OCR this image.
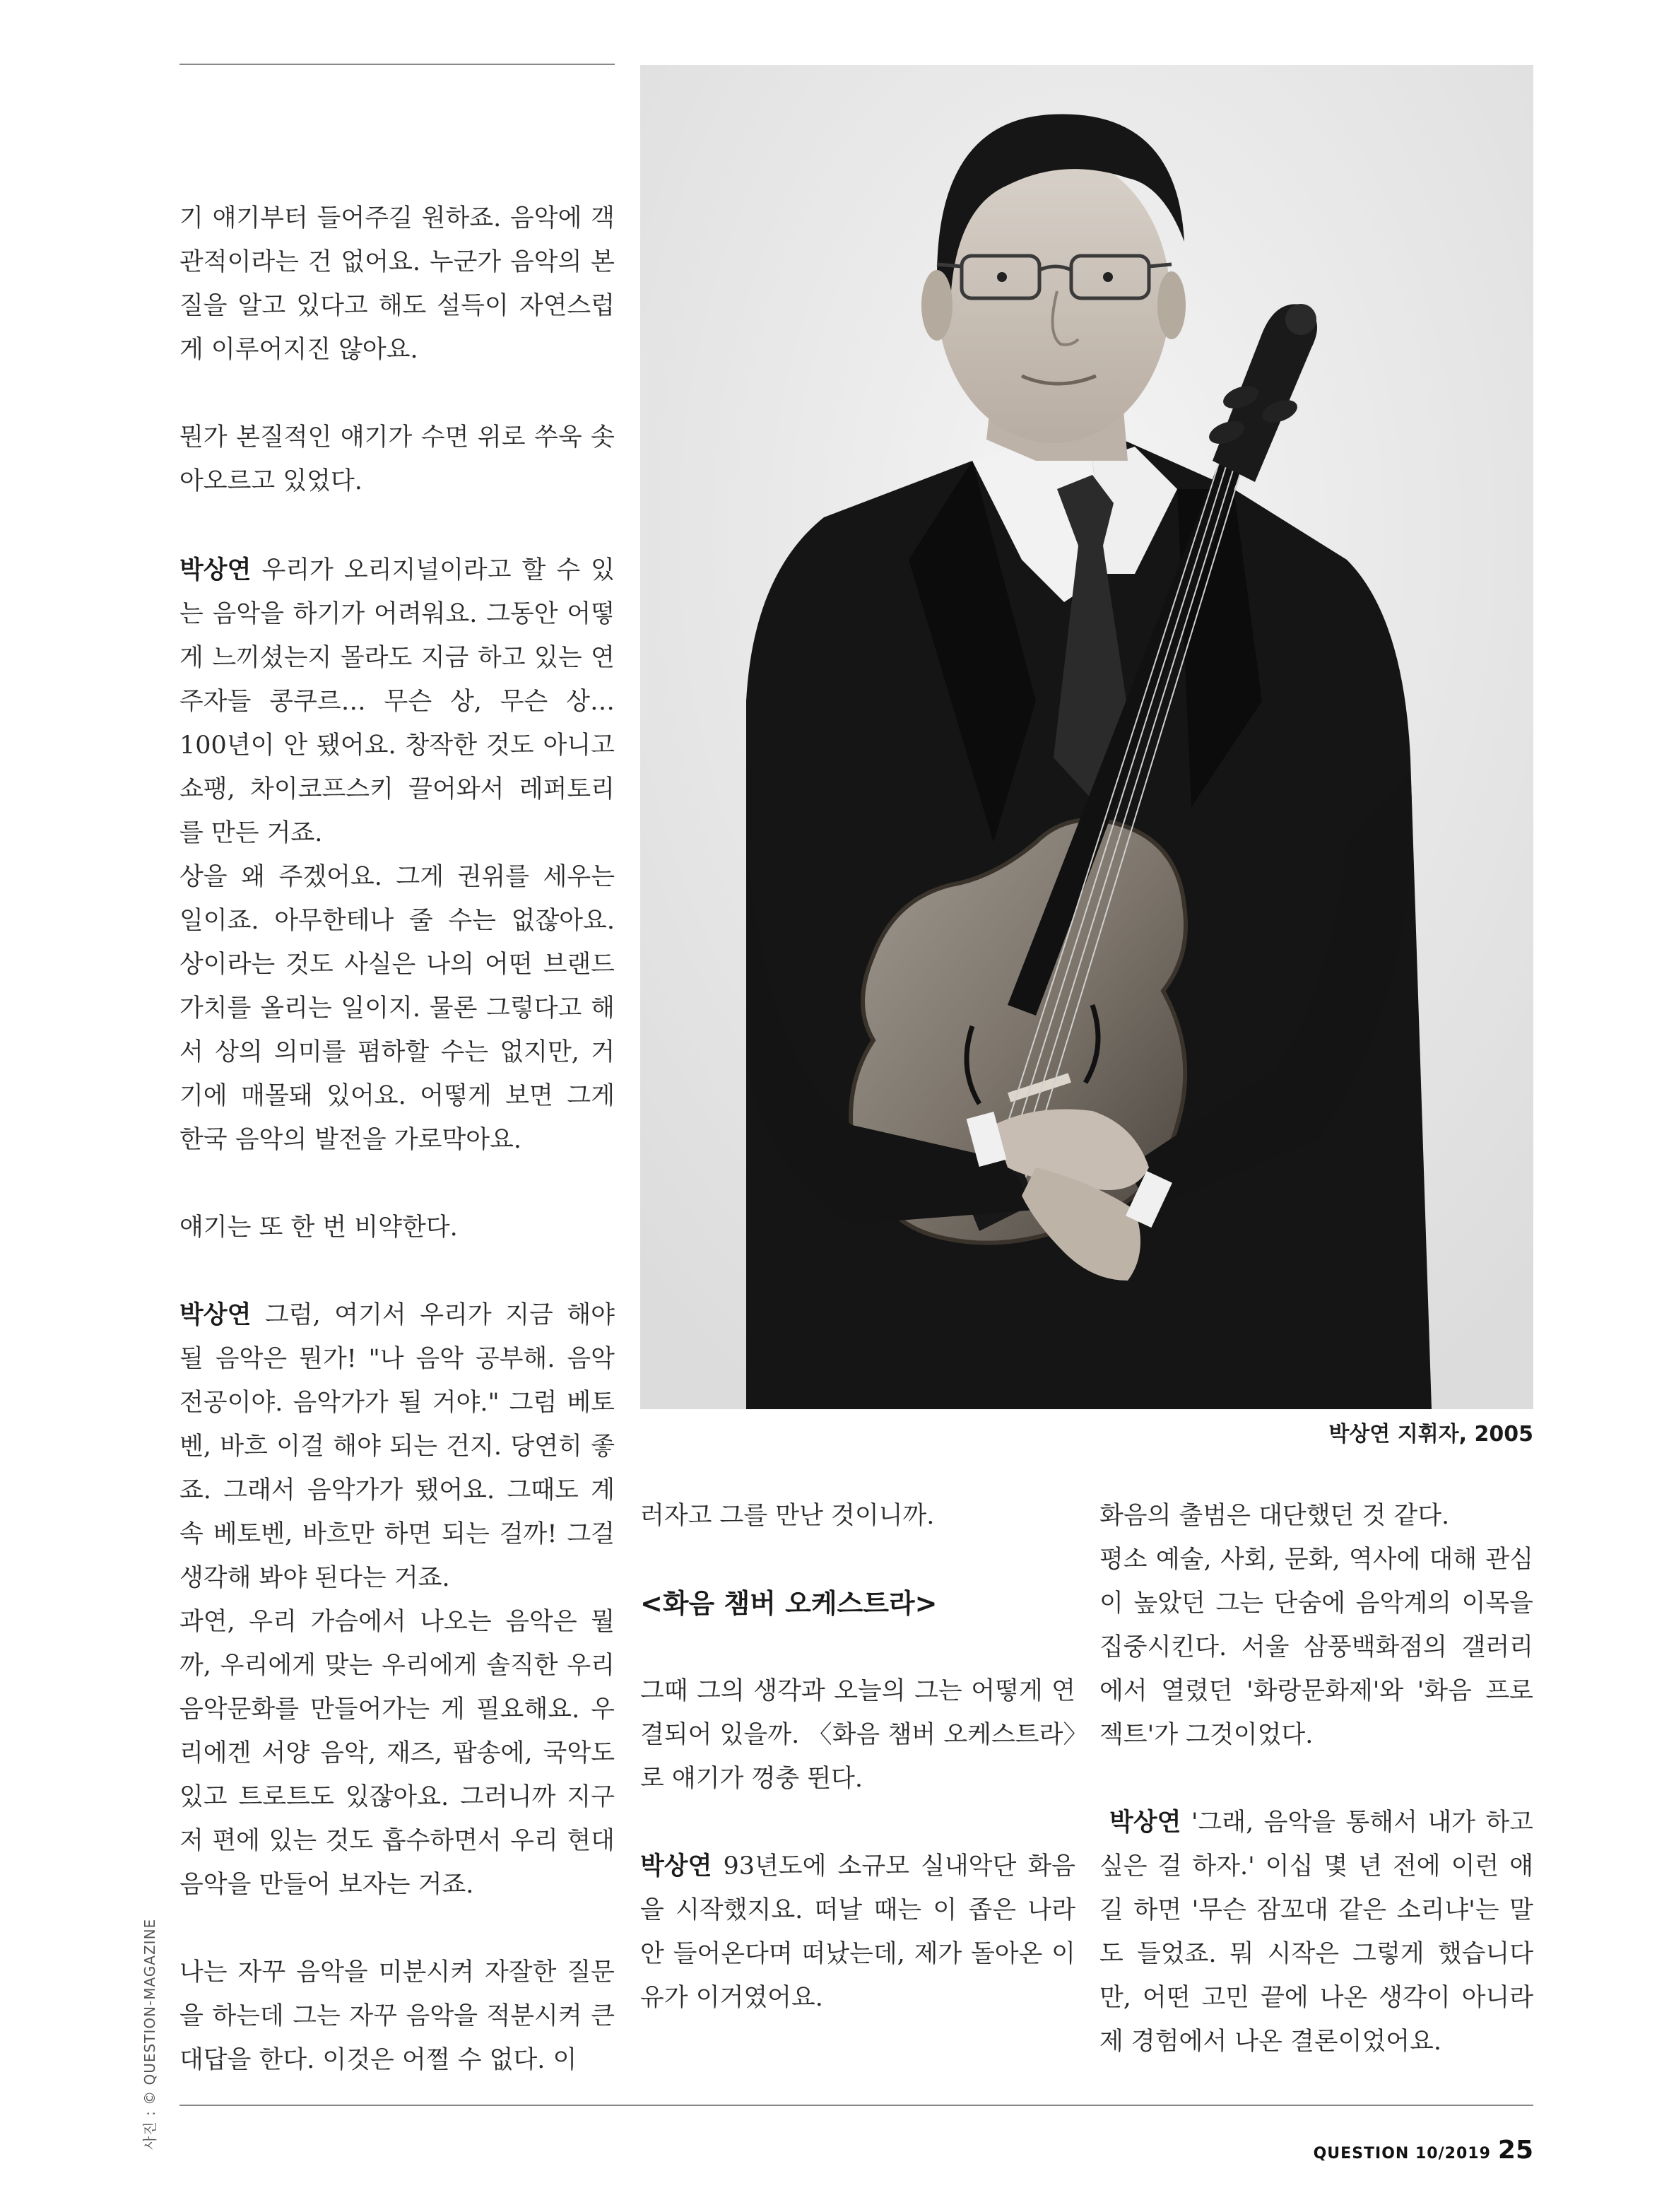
기 얘기부터 들어주길 원하죠. 음악에 객관적이라는 건 없어요. 누군가 음악의 본질을 알고 있다고 해도 설득이 자연스럽게 이루어지진 않아요.

뭔가 본질적인 얘기가 수면 위로 쑤욱 솟아오르고 있었다.

박상연 우리가 오리지널이라고 할 수 있는 음악을 하기가 어려워요. 그동안 어떻게 느끼셨는지 몰라도 지금 하고 있는 연주자들 콩쿠르… 무슨 상, 무슨 상… 100년이 안 됐어요. 창작한 것도 아니고 쇼팽, 차이코프스키 끌어와서 레퍼토리를 만든 거죠.

상을 왜 주겠어요. 그게 권위를 세우는 일이죠. 아무한테나 줄 수는 없잖아요. 상이라는 것도 사실은 나의 어떤 브랜드 가치를 올리는 일이지. 물론 그렇다고 해서 상의 의미를 폄하할 수는 없지만, 거기에 매몰돼 있어요. 어떻게 보면 그게 한국 음악의 발전을 가로막아요.

얘기는 또 한 번 비약한다.

박상연 그럼, 여기서 우리가 지금 해야 될 음악은 뭔가! "나 음악 공부해. 음악 전공이야. 음악가가 될 거야." 그럼 베토벤, 바흐 이걸 해야 되는 건지. 당연히 좋죠. 그래서 음악가가 됐어요. 그때도 계속 베토벤, 바흐만 하면 되는 걸까! 그걸 생각해 봐야 된다는 거죠.

과연, 우리 가슴에서 나오는 음악은 뭘까, 우리에게 맞는 우리에게 솔직한 우리 음악문화를 만들어가는 게 필요해요. 우리에겐 서양 음악, 재즈, 팝송에, 국악도 있고 트로트도 있잖아요. 그러니까 지구 저 편에 있는 것도 흡수하면서 우리 현대음악을 만들어 보자는 거죠.

나는 자꾸 음악을 미분시켜 자잘한 질문을 하는데 그는 자꾸 음악을 적분시켜 큰 대답을 한다. 이것은 어쩔 수 없다. 이

박상연 지휘자, 2005

러자고 그를 만난 것이니까.

<화음 챔버 오케스트라>

그때 그의 생각과 오늘의 그는 어떻게 연결되어 있을까. 〈화음 챔버 오케스트라〉로 얘기가 껑충 뛴다.

박상연 93년도에 소규모 실내악단 화음을 시작했지요. 떠날 때는 이 좁은 나라 안 들어온다며 떠났는데, 제가 돌아온 이유가 이거였어요.

화음의 출범은 대단했던 것 같다.

평소 예술, 사회, 문화, 역사에 대해 관심이 높았던 그는 단숨에 음악계의 이목을 집중시킨다. 서울 삼풍백화점의 갤러리에서 열렸던 '화랑문화제'와 '화음 프로젝트'가 그것이었다.

박상연 '그래, 음악을 통해서 내가 하고 싶은 걸 하자.' 이십 몇 년 전에 이런 얘길 하면 '무슨 잠꼬대 같은 소리냐'는 말도 들었죠. 뭐 시작은 그렇게 했습니다만, 어떤 고민 끝에 나온 생각이 아니라 제 경험에서 나온 결론이었어요.

QUESTION 10/2019 25
사진 : © QUESTION-MAGAZINE
